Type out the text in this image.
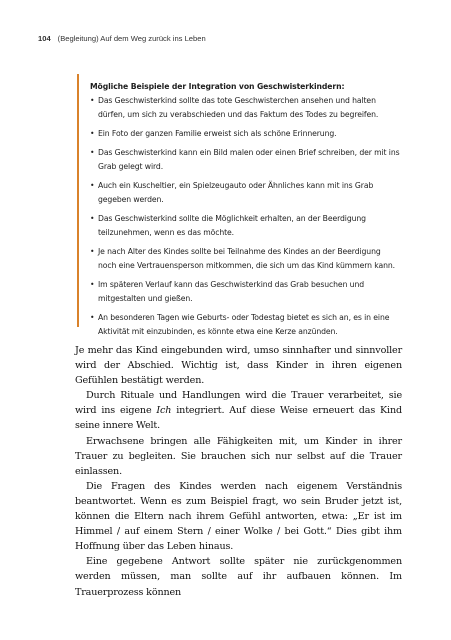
104 (Begleitung) Auf dem Weg zurück ins Leben
Mögliche Beispiele der Integration von Geschwisterkindern:
• Das Geschwisterkind sollte das tote Geschwisterchen ansehen und halten dürfen, um sich zu verabschieden und das Faktum des Todes zu begreifen.
• Ein Foto der ganzen Familie erweist sich als schöne Erinnerung.
• Das Geschwisterkind kann ein Bild malen oder einen Brief schreiben, der mit ins Grab gelegt wird.
• Auch ein Kuscheltier, ein Spielzeugauto oder Ähnliches kann mit ins Grab gegeben werden.
• Das Geschwisterkind sollte die Möglichkeit erhalten, an der Beerdigung teilzunehmen, wenn es das möchte.
• Je nach Alter des Kindes sollte bei Teilnahme des Kindes an der Beerdigung noch eine Vertrauensperson mitkommen, die sich um das Kind kümmern kann.
• Im späteren Verlauf kann das Geschwisterkind das Grab besuchen und mitgestalten und gießen.
• An besonderen Tagen wie Geburts- oder Todestag bietet es sich an, es in eine Aktivität mit einzubinden, es könnte etwa eine Kerze anzünden.

Je mehr das Kind eingebunden wird, umso sinnhafter und sinnvoller wird der Abschied. Wichtig ist, dass Kinder in ihren eigenen Gefühlen bestätigt werden.

Durch Rituale und Handlungen wird die Trauer verarbeitet, sie wird ins eigene Ich integriert. Auf diese Weise erneuert das Kind seine innere Welt.

Erwachsene bringen alle Fähigkeiten mit, um Kinder in ihrer Trauer zu begleiten. Sie brauchen sich nur selbst auf die Trauer einlassen.

Die Fragen des Kindes werden nach eigenem Verständnis beantwortet. Wenn es zum Beispiel fragt, wo sein Bruder jetzt ist, können die Eltern nach ihrem Gefühl antworten, etwa: „Er ist im Himmel / auf einem Stern / einer Wolke / bei Gott.“ Dies gibt ihm Hoffnung über das Leben hinaus.

Eine gegebene Antwort sollte später nie zurückgenommen werden müssen, man sollte auf ihr aufbauen können. Im Trauerprozess können
